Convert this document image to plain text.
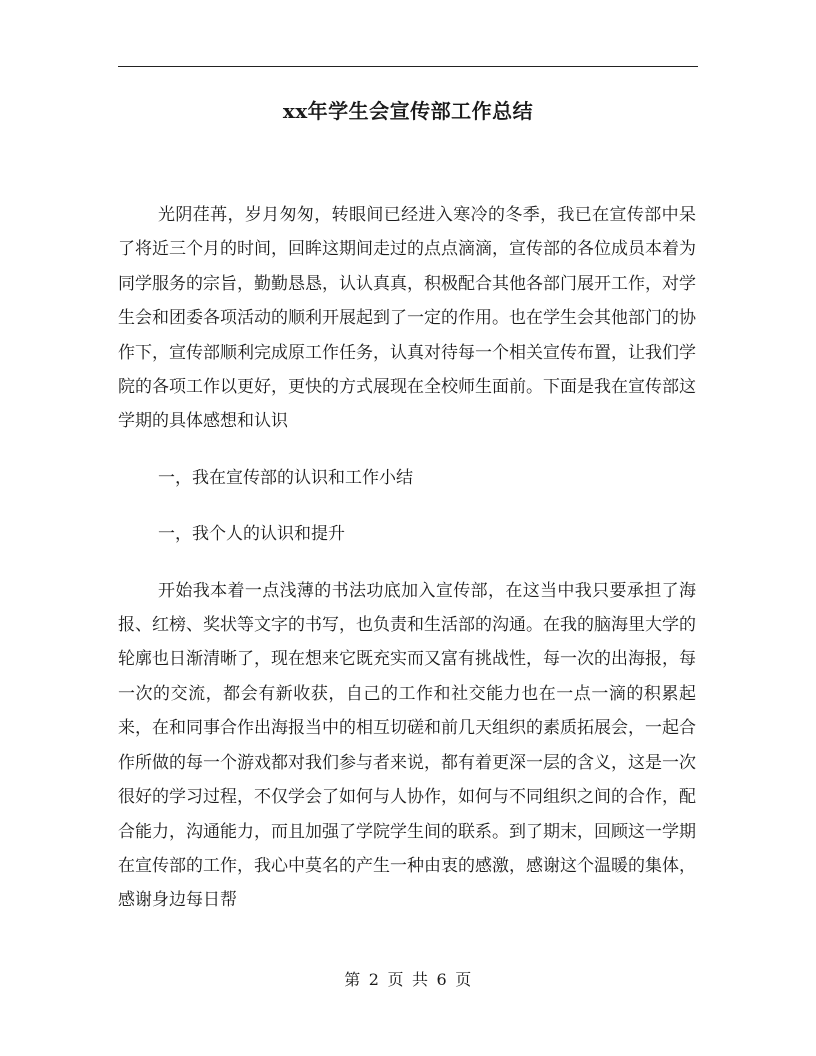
xx年学生会宣传部工作总结

光阴荏苒，岁月匆匆，转眼间已经进入寒冷的冬季，我已在宣传部中呆了将近三个月的时间，回眸这期间走过的点点滴滴，宣传部的各位成员本着为同学服务的宗旨，勤勤恳恳，认认真真，积极配合其他各部门展开工作，对学生会和团委各项活动的顺利开展起到了一定的作用。也在学生会其他部门的协作下，宣传部顺利完成原工作任务，认真对待每一个相关宣传布置，让我们学院的各项工作以更好，更快的方式展现在全校师生面前。下面是我在宣传部这学期的具体感想和认识

一，我在宣传部的认识和工作小结

一，我个人的认识和提升

开始我本着一点浅薄的书法功底加入宣传部，在这当中我只要承担了海报、红榜、奖状等文字的书写，也负责和生活部的沟通。在我的脑海里大学的轮廓也日渐清晰了，现在想来它既充实而又富有挑战性，每一次的出海报，每一次的交流，都会有新收获，自己的工作和社交能力也在一点一滴的积累起来，在和同事合作出海报当中的相互切磋和前几天组织的素质拓展会，一起合作所做的每一个游戏都对我们参与者来说，都有着更深一层的含义，这是一次很好的学习过程，不仅学会了如何与人协作，如何与不同组织之间的合作，配合能力，沟通能力，而且加强了学院学生间的联系。到了期末，回顾这一学期在宣传部的工作，我心中莫名的产生一种由衷的感激，感谢这个温暖的集体，感谢身边每日帮

第 2 页 共 6 页
